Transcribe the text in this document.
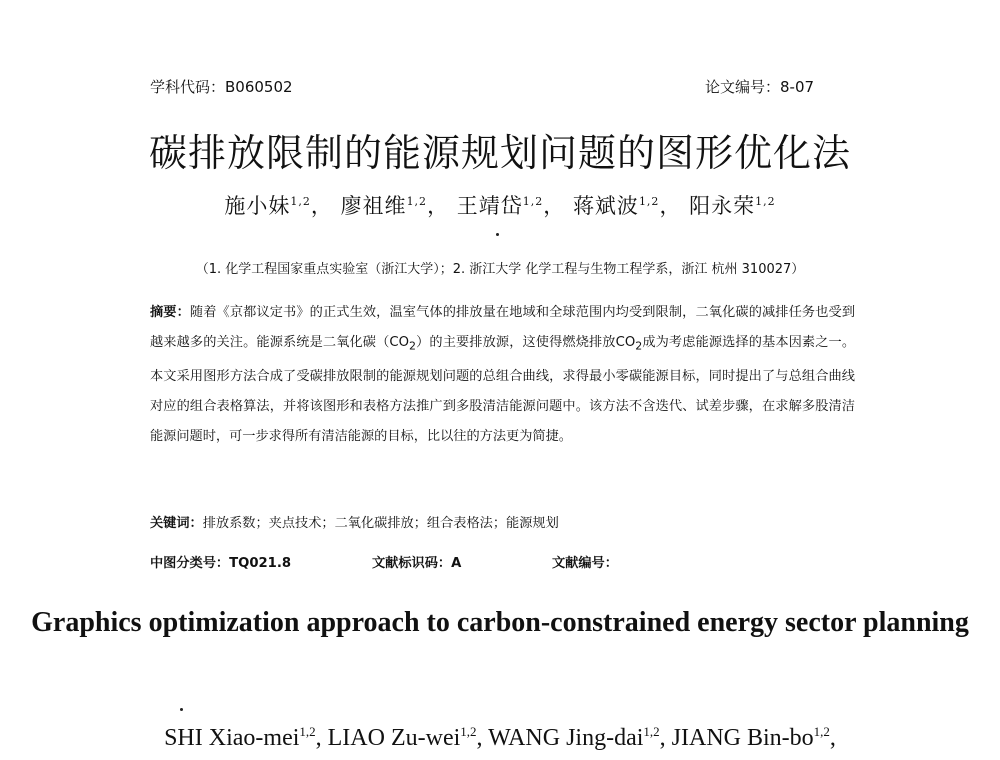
学科代码：B060502	论文编号：8-07
碳排放限制的能源规划问题的图形优化法
施小妹$^{1,2}$， 廖祖维$^{1,2}$， 王靖岱$^{1,2}$， 蒋斌波$^{1,2}$， 阳永荣$^{1,2}$
（1. 化学工程国家重点实验室（浙江大学）；2. 浙江大学 化学工程与生物工程学系，浙江 杭州 310027）
摘要：随着《京都议定书》的正式生效，温室气体的排放量在地域和全球范围内均受到限制，二氧化碳的减排任务也受到越来越多的关注。能源系统是二氧化碳$(CO_2)$的主要排放源，这使得燃烧排放$CO_2$成为考虑能源选择的基本因素之一。本文采用图形方法合成了受碳排放限制的能源规划问题的总组合曲线，求得最小零碳能源目标，同时提出了与总组合曲线对应的组合表格算法，并将该图形和表格方法推广到多股清洁能源问题中。该方法不含迭代、试差步骤，在求解多股清洁能源问题时，可一步求得所有清洁能源的目标，比以往的方法更为简捷。
关键词：排放系数；夹点技术；二氧化碳排放；组合表格法；能源规划
中图分类号：TQ021.8	文献标识码：A	文献编号：
Graphics optimization approach to carbon-constrained energy sector planning
SHI Xiao-mei$^{1,2}$, LIAO Zu-wei$^{1,2}$, WANG Jing-dai$^{1,2}$, JIANG Bin-bo$^{1,2}$,
